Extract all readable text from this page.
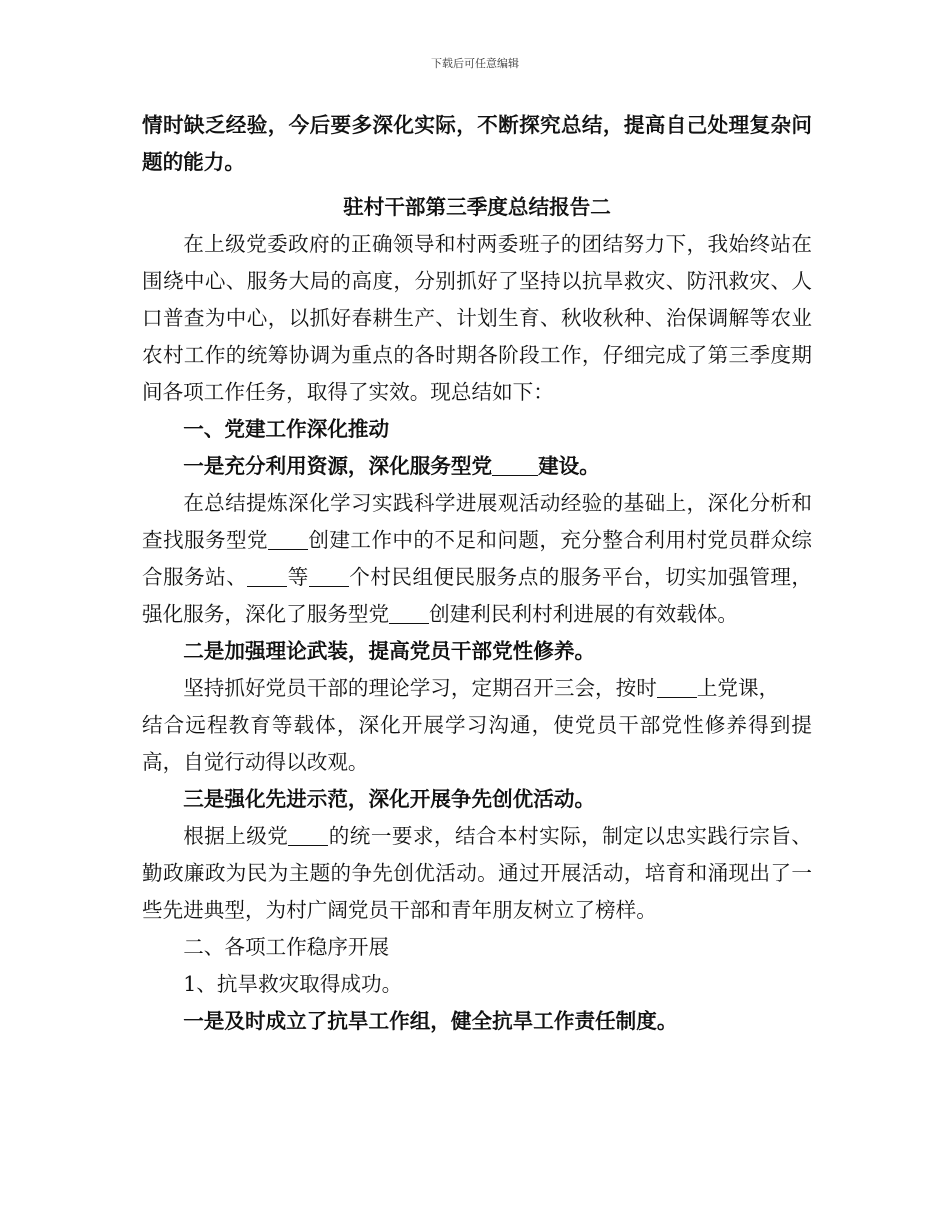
下载后可任意编辑

情时缺乏经验，今后要多深化实际，不断探究总结，提高自己处理复杂问题的能力。

驻村干部第三季度总结报告二

在上级党委政府的正确领导和村两委班子的团结努力下，我始终站在围绕中心、服务大局的高度，分别抓好了坚持以抗旱救灾、防汛救灾、人口普查为中心，以抓好春耕生产、计划生育、秋收秋种、治保调解等农业农村工作的统筹协调为重点的各时期各阶段工作，仔细完成了第三季度期间各项工作任务，取得了实效。现总结如下：

一、党建工作深化推动

一是充分利用资源，深化服务型党 建设。

在总结提炼深化学习实践科学进展观活动经验的基础上，深化分析和查找服务型党 创建工作中的不足和问题，充分整合利用村党员群众综合服务站、 等 个村民组便民服务点的服务平台，切实加强管理，强化服务，深化了服务型党 创建利民利村利进展的有效载体。

二是加强理论武装，提高党员干部党性修养。

坚持抓好党员干部的理论学习，定期召开三会，按时 上党课，

结合远程教育等载体，深化开展学习沟通，使党员干部党性修养得到提高，自觉行动得以改观。

三是强化先进示范，深化开展争先创优活动。

根据上级党 的统一要求，结合本村实际，制定以忠实践行宗旨、勤政廉政为民为主题的争先创优活动。通过开展活动，培育和涌现出了一些先进典型，为村广阔党员干部和青年朋友树立了榜样。

二、各项工作稳序开展

1、抗旱救灾取得成功。

一是及时成立了抗旱工作组，健全抗旱工作责任制度。
